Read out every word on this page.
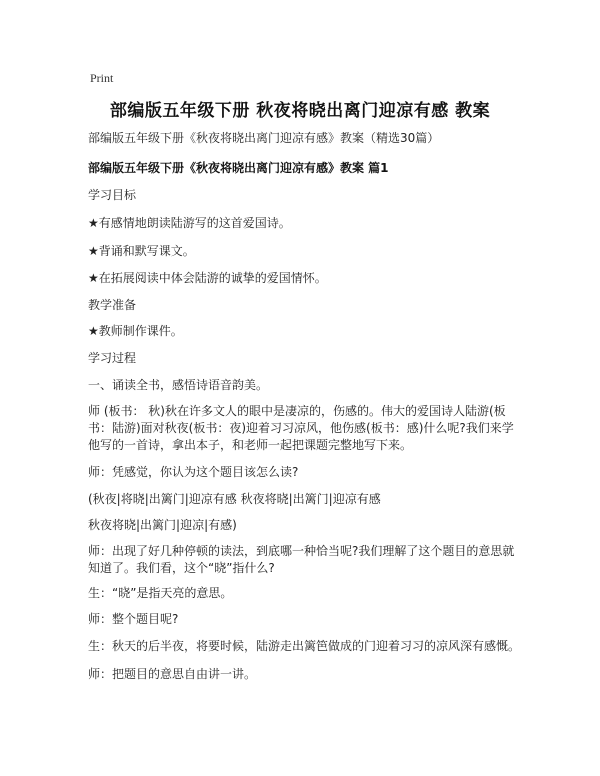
Print
部编版五年级下册 秋夜将晓出离门迎凉有感 教案
部编版五年级下册《秋夜将晓出离门迎凉有感》教案（精选30篇）
部编版五年级下册《秋夜将晓出离门迎凉有感》教案 篇1
学习目标
★有感情地朗读陆游写的这首爱国诗。
★背诵和默写课文。
★在拓展阅读中体会陆游的诚挚的爱国情怀。
教学准备
★教师制作课件。
学习过程
一、诵读全书，感悟诗语音韵美。
师 (板书： 秋)秋在许多文人的眼中是凄凉的，伤感的。伟大的爱国诗人陆游(板书：陆游)面对秋夜(板书：夜)迎着习习凉风，他伤感(板书：感)什么呢?我们来学他写的一首诗，拿出本子，和老师一起把课题完整地写下来。
师：凭感觉，你认为这个题目该怎么读?
(秋夜|将晓|出篱门|迎凉有感 秋夜将晓|出篱门|迎凉有感
秋夜将晓|出篱门|迎凉|有感)
师：出现了好几种停顿的读法，到底哪一种恰当呢?我们理解了这个题目的意思就知道了。我们看，这个“晓”指什么?
生：“晓”是指天亮的意思。
师：整个题目呢?
生：秋天的后半夜，将要时候，陆游走出篱笆做成的门迎着习习的凉风深有感慨。
师：把题目的意思自由讲一讲。
